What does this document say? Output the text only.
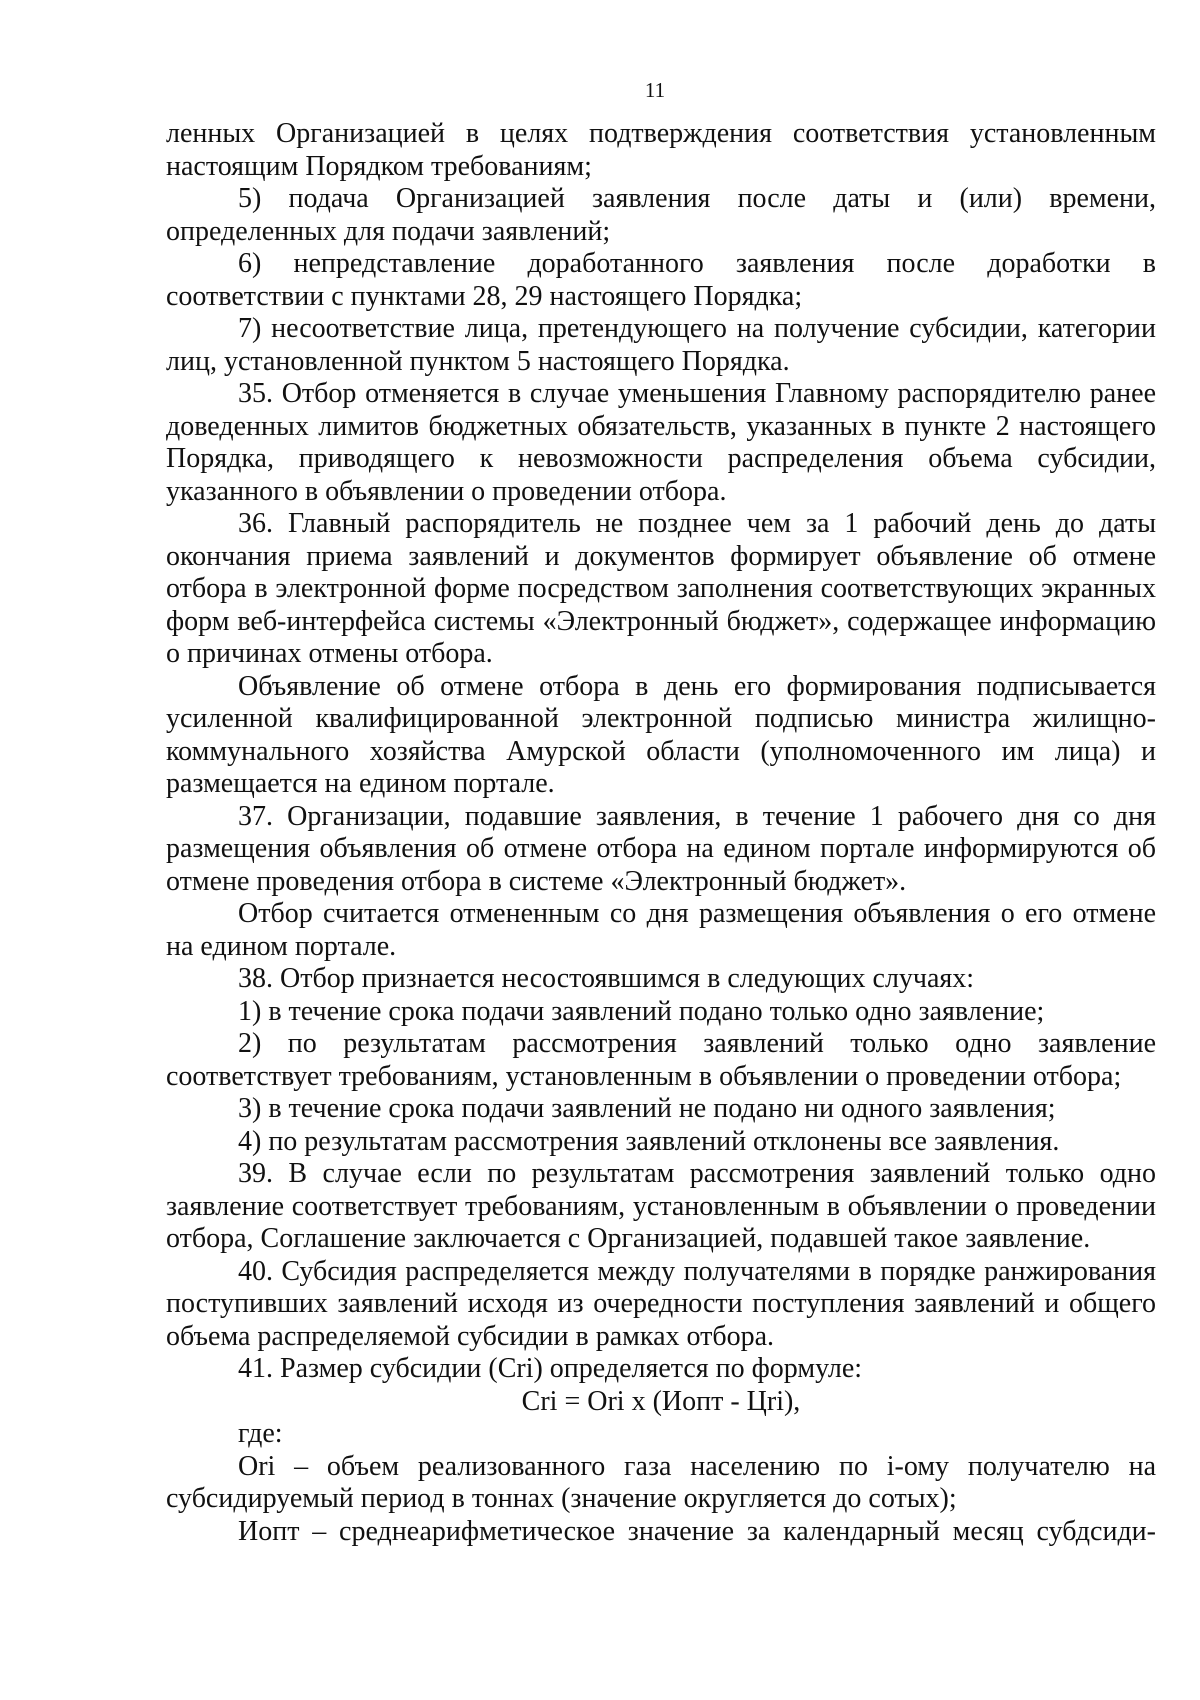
11

ленных Организацией в целях подтверждения соответствия установленным настоящим Порядком требованиям;

5) подача Организацией заявления после даты и (или) времени, определенных для подачи заявлений;

6) непредставление доработанного заявления после доработки в соответствии с пунктами 28, 29 настоящего Порядка;

7) несоответствие лица, претендующего на получение субсидии, категории лиц, установленной пунктом 5 настоящего Порядка.

35. Отбор отменяется в случае уменьшения Главному распорядителю ранее доведенных лимитов бюджетных обязательств, указанных в пункте 2 настоящего Порядка, приводящего к невозможности распределения объема субсидии, указанного в объявлении о проведении отбора.

36. Главный распорядитель не позднее чем за 1 рабочий день до даты окончания приема заявлений и документов формирует объявление об отмене отбора в электронной форме посредством заполнения соответствующих экранных форм веб-интерфейса системы «Электронный бюджет», содержащее информацию о причинах отмены отбора.

Объявление об отмене отбора в день его формирования подписывается усиленной квалифицированной электронной подписью министра жилищно-коммунального хозяйства Амурской области (уполномоченного им лица) и размещается на едином портале.

37. Организации, подавшие заявления, в течение 1 рабочего дня со дня размещения объявления об отмене отбора на едином портале информируются об отмене проведения отбора в системе «Электронный бюджет».

Отбор считается отмененным со дня размещения объявления о его отмене на едином портале.

38. Отбор признается несостоявшимся в следующих случаях:

1) в течение срока подачи заявлений подано только одно заявление;

2) по результатам рассмотрения заявлений только одно заявление соответствует требованиям, установленным в объявлении о проведении отбора;

3) в течение срока подачи заявлений не подано ни одного заявления;

4) по результатам рассмотрения заявлений отклонены все заявления.

39. В случае если по результатам рассмотрения заявлений только одно заявление соответствует требованиям, установленным в объявлении о проведении отбора, Соглашение заключается с Организацией, подавшей такое заявление.

40. Субсидия распределяется между получателями в порядке ранжирования поступивших заявлений исходя из очередности поступления заявлений и общего объема распределяемой субсидии в рамках отбора.

41. Размер субсидии (Cri) определяется по формуле:

Cri = Ori x (Иопт - Цri),

где:

Ori – объем реализованного газа населению по i-ому получателю на субсидируемый период в тоннах (значение округляется до сотых);

Иопт – среднеарифметическое значение за календарный месяц субдсиди-
